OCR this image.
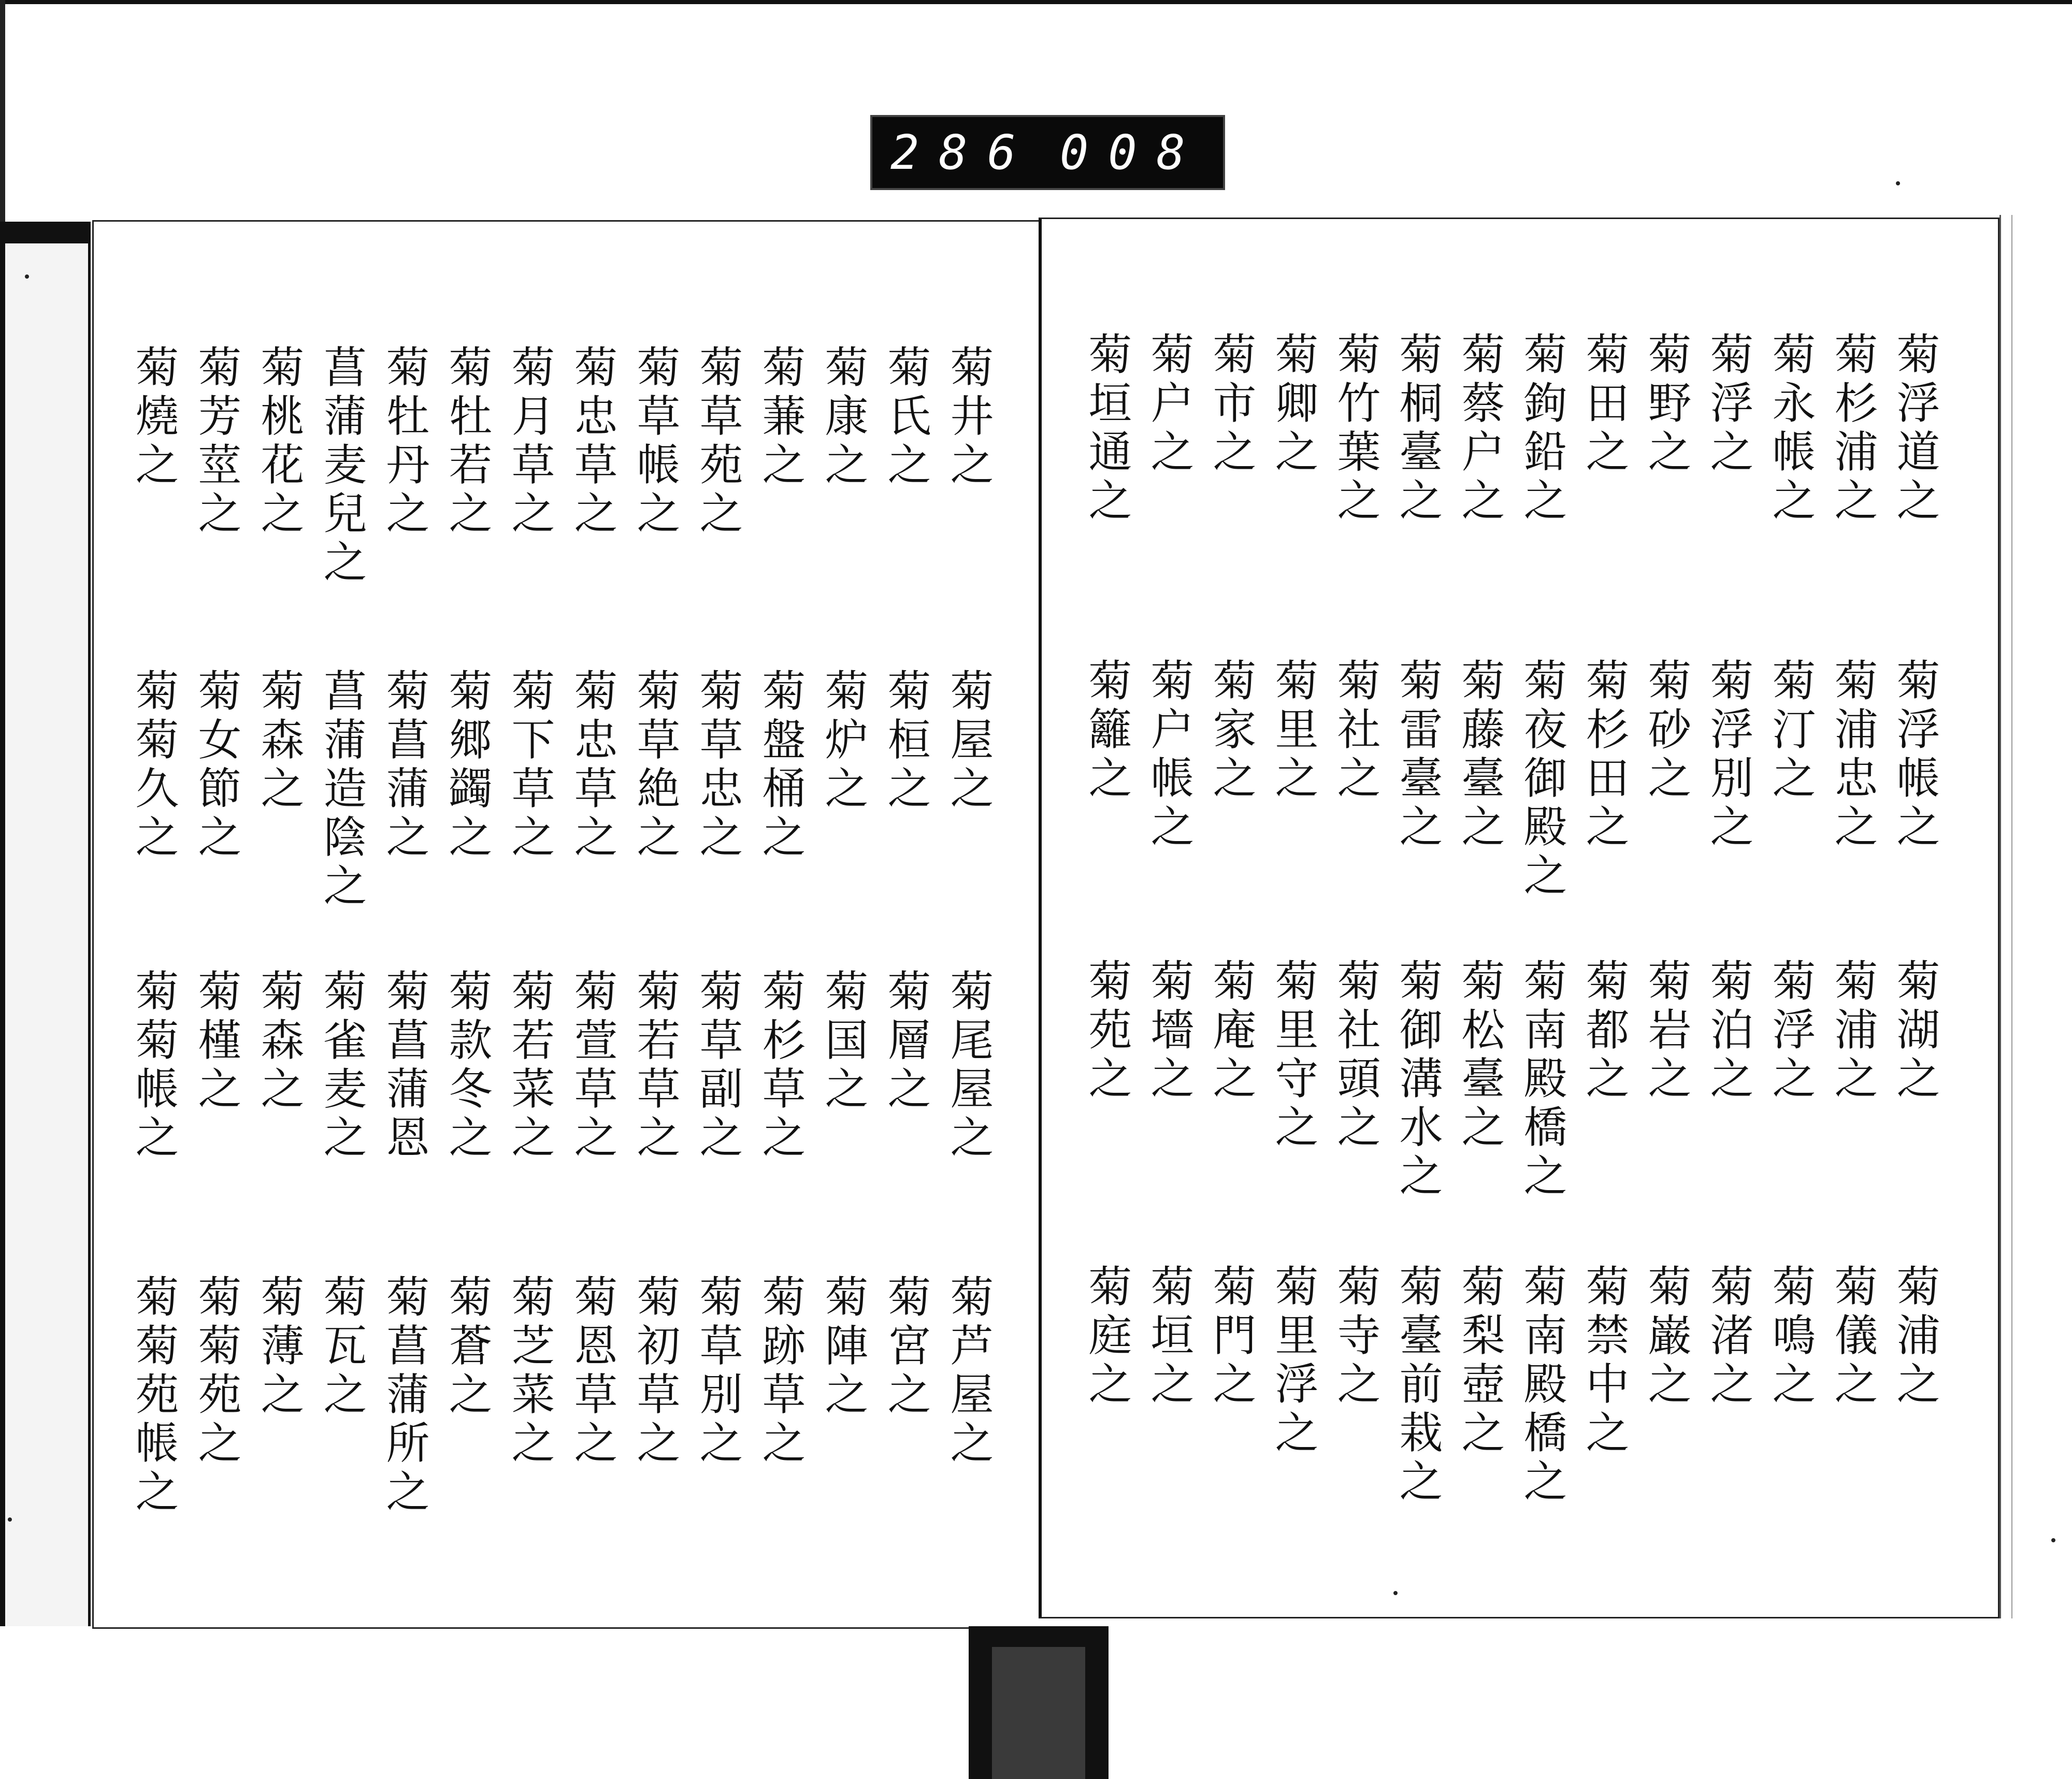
286 008
菊燒之 菊芳莖之 菊桃花之 菖蒲麦兒之 菊牡丹之 菊牡若之 菊月草之 菊忠草之 菊草帳之 菊草苑之 菊蒹之 菊康之 菊氏之 菊井之
菊菊久之 菊女節之 菊森之 菖蒲造陰之 菊菖蒲之 菊郷蠲之 菊下草之 菊忠草之 菊草絶之 菊草忠之 菊盤桶之 菊炉之 菊桓之 菊屋之
菊菊帳之 菊槿之 菊森之 菊雀麦之 菊菖蒲恩 菊款冬之 菊若菜之 菊萱草之 菊若草之 菊草副之 菊杉草之 菊国之 菊層之 菊尾屋之
菊菊苑帳之 菊菊苑之 菊薄之 菊瓦之 菊菖蒲所之 菊蒼之 菊芝菜之 菊恩草之 菊初草之 菊草別之 菊跡草之 菊陣之 菊宮之 菊芦屋之
菊垣通之 菊户之 菊市之 菊卿之 菊竹葉之 菊桐臺之 菊蔡户之 菊鉤鉛之 菊田之 菊野之 菊浮之 菊永帳之 菊杉浦之 菊浮道之
菊籬之 菊户帳之 菊家之 菊里之 菊社之 菊雷臺之 菊藤臺之 菊夜御殿之 菊杉田之 菊砂之 菊浮別之 菊汀之 菊浦忠之 菊浮帳之
菊苑之 菊墻之 菊庵之 菊里守之 菊社頭之 菊御溝水之 菊松臺之 菊南殿橋之 菊都之 菊岩之 菊泊之 菊浮之 菊浦之 菊湖之
菊庭之 菊垣之 菊門之 菊里浮之 菊寺之 菊臺前栽之 菊梨壺之 菊南殿橋之 菊禁中之 菊巌之 菊渚之 菊鳴之 菊儀之 菊浦之
